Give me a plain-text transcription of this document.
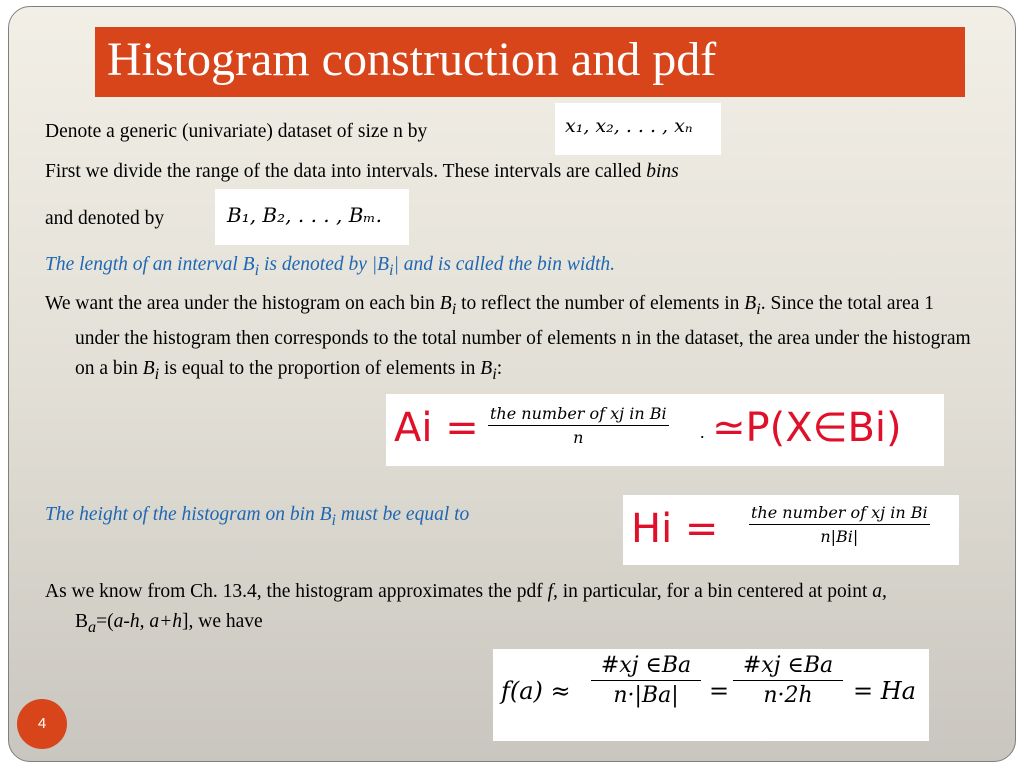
Histogram construction and pdf
Denote a generic (univariate) dataset of size n by	x₁, x₂, . . . , xₙ
First we divide the range of the data into intervals. These intervals are called bins
and denoted by	B₁, B₂, . . . , Bₘ.
The length of an interval $B_i$ is denoted by $|B_i|$ and is called the bin width.
We want the area under the histogram on each bin $B_i$ to reflect the number of elements in $B_i$. Since the total area 1 under the histogram then corresponds to the total number of elements n in the dataset, the area under the histogram on a bin $B_i$ is equal to the proportion of elements in $B_i$:
Ai = the number of xj in Bi
n	. ≃P(X∈Bi)
The height of the histogram on bin $B_i$ must be equal to	Hi = the number of xj in Bi
n|Bi|
As we know from Ch. 13.4, the histogram approximates the pdf f, in particular, for a bin centered at point a, $B_a=(a-h$, a+h], we have
$f(a) \approx \frac{\#xj \in Ba}{n\cdot|Ba|} = \frac{\#xj \in Ba}{n\cdot 2h} = Ha$
4
